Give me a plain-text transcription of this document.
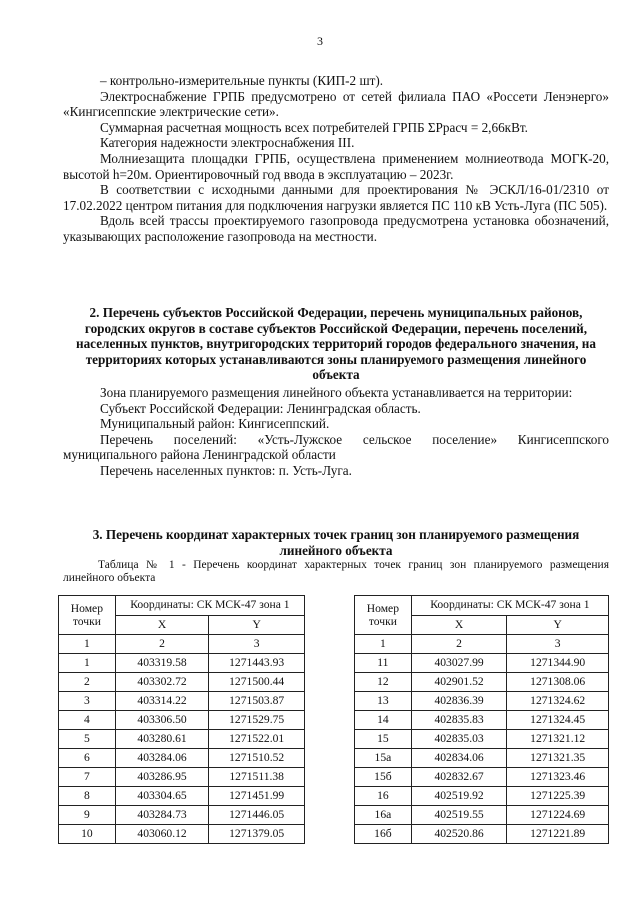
3

– контрольно-измерительные пункты (КИП-2 шт).

Электроснабжение ГРПБ предусмотрено от сетей филиала ПАО «Россети Ленэнерго» «Кингисеппские электрические сети».

Суммарная расчетная мощность всех потребителей ГРПБ ΣРрасч = 2,66кВт.

Категория надежности электроснабжения III.

Молниезащита площадки ГРПБ, осуществлена применением молниеотвода МОГК-20, высотой h=20м. Ориентировочный год ввода в эксплуатацию – 2023г.

В соответствии с исходными данными для проектирования № ЭСКЛ/16-01/2310 от 17.02.2022 центром питания для подключения нагрузки является ПС 110 кВ Усть-Луга (ПС 505).

Вдоль всей трассы проектируемого газопровода предусмотрена установка обозначений, указывающих расположение газопровода на местности.

2. Перечень субъектов Российской Федерации, перечень муниципальных районов, городских округов в составе субъектов Российской Федерации, перечень поселений, населенных пунктов, внутригородских территорий городов федерального значения, на территориях которых устанавливаются зоны планируемого размещения линейного объекта

Зона планируемого размещения линейного объекта устанавливается на территории:

Субъект Российской Федерации: Ленинградская область.

Муниципальный район: Кингисеппский.

Перечень поселений: «Усть-Лужское сельское поселение» Кингисеппского муниципального района Ленинградской области

Перечень населенных пунктов: п. Усть-Луга.

3. Перечень координат характерных точек границ зон планируемого размещения линейного объекта
Таблица № 1 - Перечень координат характерных точек границ зон планируемого размещения линейного объекта
Номер точки	Координаты: СК МСК-47 зона 1	
	X	Y
1	2	3
1	403319.58	1271443.93
2	403302.72	1271500.44
3	403314.22	1271503.87
4	403306.50	1271529.75
5	403280.61	1271522.01
6	403284.06	1271510.52
7	403286.95	1271511.38
8	403304.65	1271451.99
9	403284.73	1271446.05
10	403060.12	1271379.05
Номер точки	Координаты: СК МСК-47 зона 1	
	X	Y
1	2	3
11	403027.99	1271344.90
12	402901.52	1271308.06
13	402836.39	1271324.62
14	402835.83	1271324.45
15	402835.03	1271321.12
15а	402834.06	1271321.35
15б	402832.67	1271323.46
16	402519.92	1271225.39
16а	402519.55	1271224.69
16б	402520.86	1271221.89
